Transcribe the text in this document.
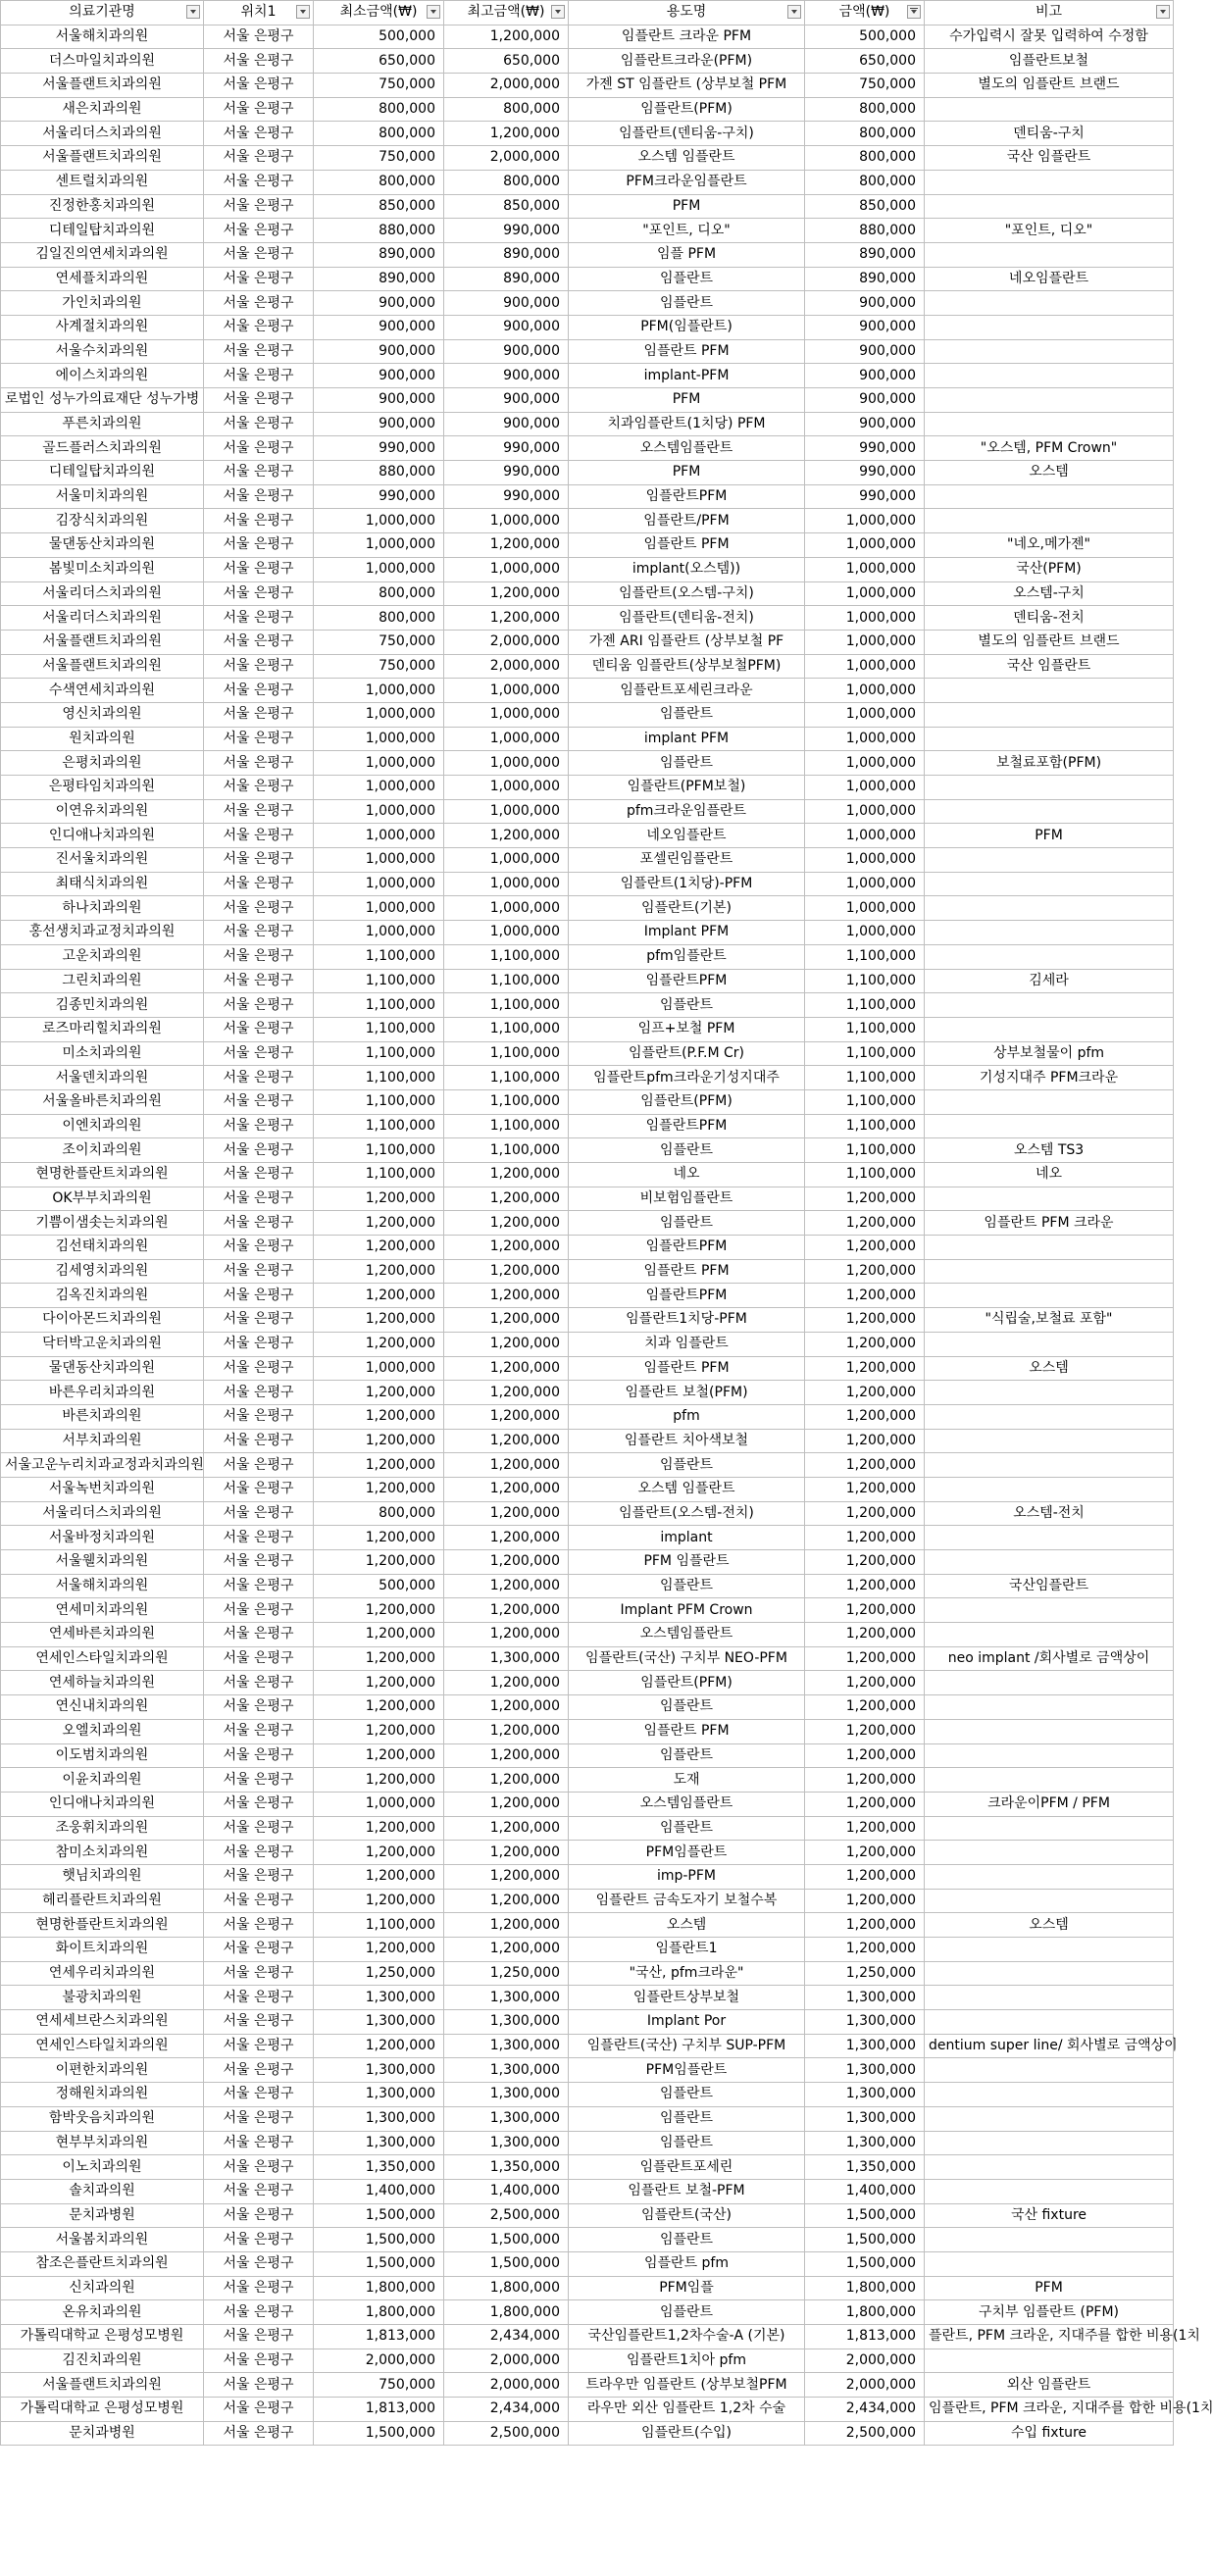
의료기관명	위치1	최소금액(₩)	최고금액(₩)	용도명	금액(₩)	비고

서울해치과의원	서울 은평구	500,000	1,200,000	임플란트 크라운 PFM	500,000	수가입력시 잘못 입력하여 수정함
더스마일치과의원	서울 은평구	650,000	650,000	임플란트크라운(PFM)	650,000	임플란트보철
서울플랜트치과의원	서울 은평구	750,000	2,000,000	가젠 ST 임플란트 (상부보철 PFM	750,000	별도의 임플란트 브랜드
새은치과의원	서울 은평구	800,000	800,000	임플란트(PFM)	800,000	
서울리더스치과의원	서울 은평구	800,000	1,200,000	임플란트(덴티움-구치)	800,000	덴티움-구치
서울플랜트치과의원	서울 은평구	750,000	2,000,000	오스템 임플란트	800,000	국산 임플란트
센트럴치과의원	서울 은평구	800,000	800,000	PFM크라운임플란트	800,000	
진정한홍치과의원	서울 은평구	850,000	850,000	PFM	850,000	
디테일탑치과의원	서울 은평구	880,000	990,000	"포인트, 디오"	880,000	"포인트, 디오"
김일진의연세치과의원	서울 은평구	890,000	890,000	임플 PFM	890,000	
연세플치과의원	서울 은평구	890,000	890,000	임플란트	890,000	네오임플란트
가인치과의원	서울 은평구	900,000	900,000	임플란트	900,000	
사계절치과의원	서울 은평구	900,000	900,000	PFM(임플란트)	900,000	
서울수치과의원	서울 은평구	900,000	900,000	임플란트 PFM	900,000	
에이스치과의원	서울 은평구	900,000	900,000	implant-PFM	900,000	
로법인 성누가의료재단 성누가병	서울 은평구	900,000	900,000	PFM	900,000	
푸른치과의원	서울 은평구	900,000	900,000	치과임플란트(1치당) PFM	900,000	
골드플러스치과의원	서울 은평구	990,000	990,000	오스템임플란트	990,000	"오스템, PFM Crown"
디테일탑치과의원	서울 은평구	880,000	990,000	PFM	990,000	오스템
서울미치과의원	서울 은평구	990,000	990,000	임플란트PFM	990,000	
김장식치과의원	서울 은평구	1,000,000	1,000,000	임플란트/PFM	1,000,000	
물댄동산치과의원	서울 은평구	1,000,000	1,200,000	임플란트 PFM	1,000,000	"네오,메가젠"
봄빛미소치과의원	서울 은평구	1,000,000	1,000,000	implant(오스템))	1,000,000	국산(PFM)
서울리더스치과의원	서울 은평구	800,000	1,200,000	임플란트(오스템-구치)	1,000,000	오스템-구치
서울리더스치과의원	서울 은평구	800,000	1,200,000	임플란트(덴티움-전치)	1,000,000	덴티움-전치
서울플랜트치과의원	서울 은평구	750,000	2,000,000	가젠 ARI 임플란트 (상부보철 PF	1,000,000	별도의 임플란트 브랜드
서울플랜트치과의원	서울 은평구	750,000	2,000,000	덴티움 임플란트(상부보철PFM)	1,000,000	국산 임플란트
수색연세치과의원	서울 은평구	1,000,000	1,000,000	임플란트포세린크라운	1,000,000	
영신치과의원	서울 은평구	1,000,000	1,000,000	임플란트	1,000,000	
원치과의원	서울 은평구	1,000,000	1,000,000	implant PFM	1,000,000	
은평치과의원	서울 은평구	1,000,000	1,000,000	임플란트	1,000,000	보철료포함(PFM)
은평타임치과의원	서울 은평구	1,000,000	1,000,000	임플란트(PFM보철)	1,000,000	
이연유치과의원	서울 은평구	1,000,000	1,000,000	pfm크라운임플란트	1,000,000	
인디애나치과의원	서울 은평구	1,000,000	1,200,000	네오임플란트	1,000,000	PFM
진서울치과의원	서울 은평구	1,000,000	1,000,000	포셀린임플란트	1,000,000	
최태식치과의원	서울 은평구	1,000,000	1,000,000	임플란트(1치당)-PFM	1,000,000	
하나치과의원	서울 은평구	1,000,000	1,000,000	임플란트(기본)	1,000,000	
홍선생치과교정치과의원	서울 은평구	1,000,000	1,000,000	Implant PFM	1,000,000	
고운치과의원	서울 은평구	1,100,000	1,100,000	pfm임플란트	1,100,000	
그린치과의원	서울 은평구	1,100,000	1,100,000	임플란트PFM	1,100,000	김세라
김종민치과의원	서울 은평구	1,100,000	1,100,000	임플란트	1,100,000	
로즈마리힐치과의원	서울 은평구	1,100,000	1,100,000	임프+보철 PFM	1,100,000	
미소치과의원	서울 은평구	1,100,000	1,100,000	임플란트(P.F.M Cr)	1,100,000	상부보철물이 pfm
서울덴치과의원	서울 은평구	1,100,000	1,100,000	임플란트pfm크라운기성지대주	1,100,000	기성지대주 PFM크라운
서울올바른치과의원	서울 은평구	1,100,000	1,100,000	임플란트(PFM)	1,100,000	
이엔치과의원	서울 은평구	1,100,000	1,100,000	임플란트PFM	1,100,000	
조이치과의원	서울 은평구	1,100,000	1,100,000	임플란트	1,100,000	오스템 TS3
현명한플란트치과의원	서울 은평구	1,100,000	1,200,000	네오	1,100,000	네오
OK부부치과의원	서울 은평구	1,200,000	1,200,000	비보험임플란트	1,200,000	
기쁨이샘솟는치과의원	서울 은평구	1,200,000	1,200,000	임플란트	1,200,000	임플란트 PFM 크라운
김선태치과의원	서울 은평구	1,200,000	1,200,000	임플란트PFM	1,200,000	
김세영치과의원	서울 은평구	1,200,000	1,200,000	임플란트 PFM	1,200,000	
김옥진치과의원	서울 은평구	1,200,000	1,200,000	임플란트PFM	1,200,000	
다이아몬드치과의원	서울 은평구	1,200,000	1,200,000	임플란트1치당-PFM	1,200,000	"식립술,보철료 포함"
닥터박고운치과의원	서울 은평구	1,200,000	1,200,000	치과 임플란트	1,200,000	
물댄동산치과의원	서울 은평구	1,000,000	1,200,000	임플란트 PFM	1,200,000	오스템
바른우리치과의원	서울 은평구	1,200,000	1,200,000	임플란트 보철(PFM)	1,200,000	
바른치과의원	서울 은평구	1,200,000	1,200,000	pfm	1,200,000	
서부치과의원	서울 은평구	1,200,000	1,200,000	임플란트 치아색보철	1,200,000	
서울고운누리치과교정과치과의원	서울 은평구	1,200,000	1,200,000	임플란트	1,200,000	
서울녹번치과의원	서울 은평구	1,200,000	1,200,000	오스템 임플란트	1,200,000	
서울리더스치과의원	서울 은평구	800,000	1,200,000	임플란트(오스템-전치)	1,200,000	오스템-전치
서울바정치과의원	서울 은평구	1,200,000	1,200,000	implant	1,200,000	
서울웰치과의원	서울 은평구	1,200,000	1,200,000	PFM 임플란트	1,200,000	
서울해치과의원	서울 은평구	500,000	1,200,000	임플란트	1,200,000	국산임플란트
연세미치과의원	서울 은평구	1,200,000	1,200,000	Implant PFM Crown	1,200,000	
연세바른치과의원	서울 은평구	1,200,000	1,200,000	오스템임플란트	1,200,000	
연세인스타일치과의원	서울 은평구	1,200,000	1,300,000	임플란트(국산) 구치부 NEO-PFM	1,200,000	neo implant /회사별로 금액상이
연세하늘치과의원	서울 은평구	1,200,000	1,200,000	임플란트(PFM)	1,200,000	
연신내치과의원	서울 은평구	1,200,000	1,200,000	임플란트	1,200,000	
오엘치과의원	서울 은평구	1,200,000	1,200,000	임플란트 PFM	1,200,000	
이도범치과의원	서울 은평구	1,200,000	1,200,000	임플란트	1,200,000	
이윤치과의원	서울 은평구	1,200,000	1,200,000	도재	1,200,000	
인디애나치과의원	서울 은평구	1,000,000	1,200,000	오스템임플란트	1,200,000	크라운이PFM / PFM
조웅휘치과의원	서울 은평구	1,200,000	1,200,000	임플란트	1,200,000	
참미소치과의원	서울 은평구	1,200,000	1,200,000	PFM임플란트	1,200,000	
햇님치과의원	서울 은평구	1,200,000	1,200,000	imp-PFM	1,200,000	
헤리플란트치과의원	서울 은평구	1,200,000	1,200,000	임플란트 금속도자기 보철수복	1,200,000	
현명한플란트치과의원	서울 은평구	1,100,000	1,200,000	오스템	1,200,000	오스템
화이트치과의원	서울 은평구	1,200,000	1,200,000	임플란트1	1,200,000	
연세우리치과의원	서울 은평구	1,250,000	1,250,000	"국산, pfm크라운"	1,250,000	
불광치과의원	서울 은평구	1,300,000	1,300,000	임플란트상부보철	1,300,000	
연세세브란스치과의원	서울 은평구	1,300,000	1,300,000	Implant Por	1,300,000	
연세인스타일치과의원	서울 은평구	1,200,000	1,300,000	임플란트(국산) 구치부 SUP-PFM	1,300,000	dentium super line/ 회사별로 금액상이
이편한치과의원	서울 은평구	1,300,000	1,300,000	PFM임플란트	1,300,000	
정해원치과의원	서울 은평구	1,300,000	1,300,000	임플란트	1,300,000	
함박웃음치과의원	서울 은평구	1,300,000	1,300,000	임플란트	1,300,000	
현부부치과의원	서울 은평구	1,300,000	1,300,000	임플란트	1,300,000	
이노치과의원	서울 은평구	1,350,000	1,350,000	임플란트포세린	1,350,000	
솔치과의원	서울 은평구	1,400,000	1,400,000	임플란트 보철-PFM	1,400,000	
문치과병원	서울 은평구	1,500,000	2,500,000	임플란트(국산)	1,500,000	국산 fixture
서울봄치과의원	서울 은평구	1,500,000	1,500,000	임플란트	1,500,000	
참조은플란트치과의원	서울 은평구	1,500,000	1,500,000	임플란트 pfm	1,500,000	
신치과의원	서울 은평구	1,800,000	1,800,000	PFM임플	1,800,000	PFM
온유치과의원	서울 은평구	1,800,000	1,800,000	임플란트	1,800,000	구치부 임플란트 (PFM)
가톨릭대학교 은평성모병원	서울 은평구	1,813,000	2,434,000	국산임플란트1,2차수술-A (기본)	1,813,000	플란트, PFM 크라운, 지대주를 합한 비용(1치
김진치과의원	서울 은평구	2,000,000	2,000,000	임플란트1치아 pfm	2,000,000	
서울플랜트치과의원	서울 은평구	750,000	2,000,000	트라우만 임플란트 (상부보철PFM	2,000,000	외산 임플란트
가톨릭대학교 은평성모병원	서울 은평구	1,813,000	2,434,000	라우만 외산 임플란트 1,2차 수술	2,434,000	임플란트, PFM 크라운, 지대주를 합한 비용(1치
문치과병원	서울 은평구	1,500,000	2,500,000	임플란트(수입)	2,500,000	수입 fixture
